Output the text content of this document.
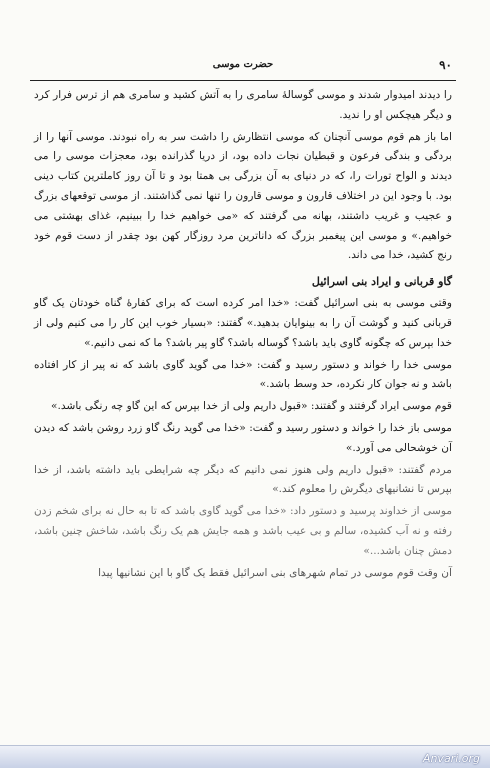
۹۰
حضرت موسی

را دیدند امیدوار شدند و موسی گوسالهٔ سامری را به آتش کشید و سامری هم از ترس فرار کرد و دیگر هیچکس او را ندید.

اما باز هم قوم موسی آنچنان که موسی انتظارش را داشت سر به راه نبودند. موسی آنها را از بردگی و بندگی فرعون و قبطیان نجات داده بود، از دریا گذرانده بود، معجزات موسی را می دیدند و الواح تورات را، که در دنیای به آن بزرگی بی همتا بود و تا آن روز کاملترین کتاب دینی بود. با وجود این در اختلاف قارون و موسی قارون را تنها نمی گذاشتند. از موسی توقعهای بزرگ و عجیب و غریب داشتند، بهانه می گرفتند که «می خواهیم خدا را ببینیم، غذای بهشتی می خواهیم.» و موسی این پیغمبر بزرگ که داناترین مرد روزگار کهن بود چقدر از دست قوم خود رنج کشید، خدا می داند.

گاو قربانی و ایراد بنی اسرائیل

وقتی موسی به بنی اسرائیل گفت: «خدا امر کرده است که برای کفارهٔ گناه خودتان یک گاو قربانی کنید و گوشت آن را به بینوایان بدهید.» گفتند: «بسیار خوب این کار را می کنیم ولی از خدا بپرس که چگونه گاوی باید باشد؟ گوساله باشد؟ گاو پیر باشد؟ ما که نمی دانیم.»

موسی خدا را خواند و دستور رسید و گفت: «خدا می گوید گاوی باشد که نه پیر از کار افتاده باشد و نه جوان کار نکرده، حد وسط باشد.»

قوم موسی ایراد گرفتند و گفتند: «قبول داریم ولی از خدا بپرس که این گاو چه رنگی باشد.»

موسی باز خدا را خواند و دستور رسید و گفت: «خدا می گوید رنگ گاو زرد روشن باشد که دیدن آن خوشحالی می آورد.»

مردم گفتند: «قبول داریم ولی هنوز نمی دانیم که دیگر چه شرایطی باید داشته باشد، از خدا بپرس تا نشانیهای دیگرش را معلوم کند.»

موسی از خداوند پرسید و دستور داد: «خدا می گوید گاوی باشد که تا به حال نه برای شخم زدن رفته و نه آب کشیده، سالم و بی عیب باشد و همه جایش هم یک رنگ باشد، شاخش چنین باشد، دمش چنان باشد...»

آن وقت قوم موسی در تمام شهرهای بنی اسرائیل فقط یک گاو با این نشانیها پیدا

Anvari.org
